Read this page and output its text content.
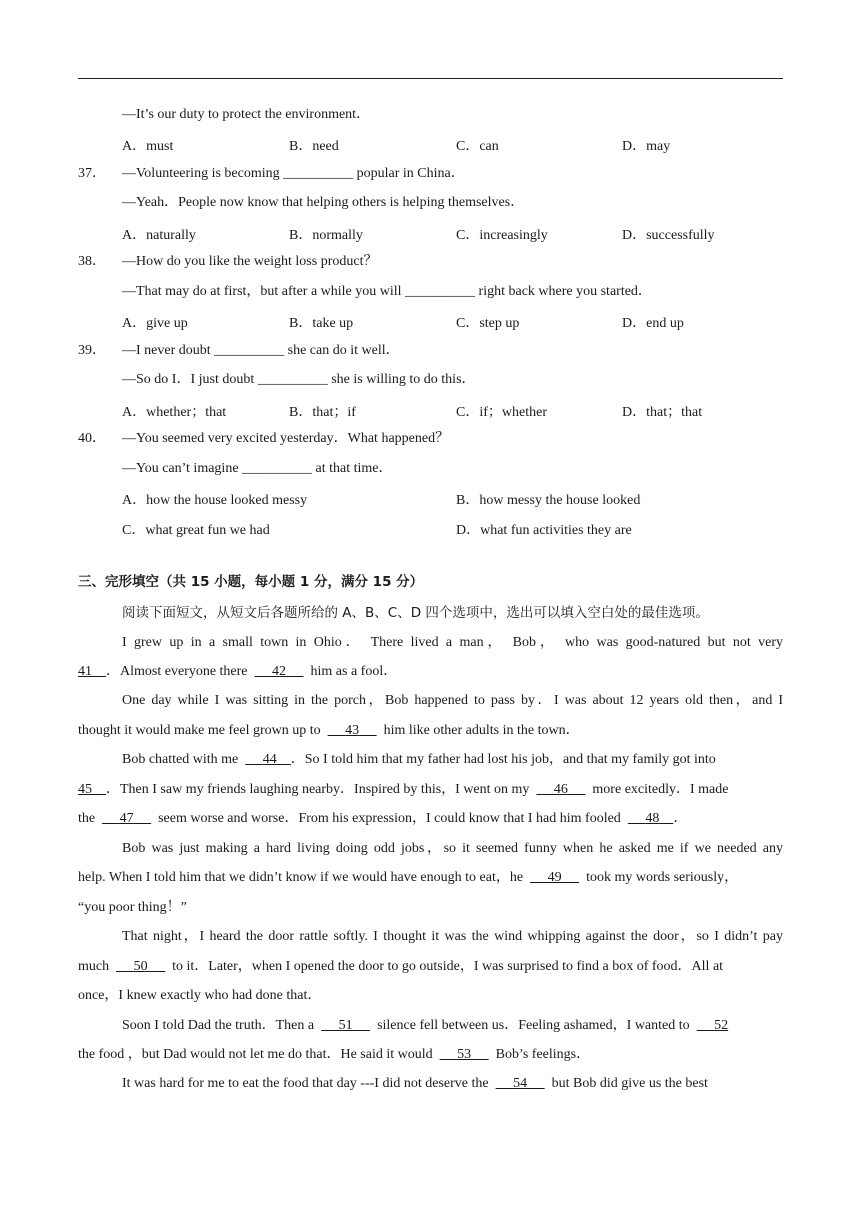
—It’s our duty to protect the environment．
A．must	B．need	C．can	D．may
37． —Volunteering is becoming __________ popular in China．
—Yeah．People now know that helping others is helping themselves．
A．naturally	B．normally	C．increasingly	D．successfully
38． —How do you like the weight loss product？
—That may do at first，but after a while you will __________ right back where you started．
A．give up	B．take up	C．step up	D．end up
39． —I never doubt __________ she can do it well．
—So do I．I just doubt __________ she is willing to do this．
A．whether；that	B．that；if	C．if；whether	D．that；that
40． —You seemed very excited yesterday．What happened？
—You can’t imagine __________ at that time．
A．how the house looked messy	B．how messy the house looked
C．what great fun we had	D．what fun activities they are
三、完形填空（共 15 小题，每小题 1 分，满分 15 分）
阅读下面短文，从短文后各题所给的 A、B、C、D 四个选项中，选出可以填入空白处的最佳选项。
I grew up in a small town in Ohio． There lived a man， Bob， who was good-natured but not very
41 ．Almost everyone there 42 him as a fool．
One day while I was sitting in the porch，Bob happened to pass by．I was about 12 years old then，and I
thought it would make me feel grown up to 43 him like other adults in the town．
Bob chatted with me 44 ．So I told him that my father had lost his job，and that my family got into
45 ．Then I saw my friends laughing nearby．Inspired by this，I went on my 46 more excitedly．I made
the 47 seem worse and worse．From his expression，I could know that I had him fooled 48 ．
Bob was just making a hard living doing odd jobs，so it seemed funny when he asked me if we needed any
help. When I told him that we didn’t know if we would have enough to eat，he 49 took my words seriously，
“you poor thing！”
That night，I heard the door rattle softly. I thought it was the wind whipping against the door，so I didn’t pay
much 50 to it．Later，when I opened the door to go outside，I was surprised to find a box of food．All at
once，I knew exactly who had done that．
Soon I told Dad the truth．Then a 51 silence fell between us．Feeling ashamed，I wanted to 52
the food ，but Dad would not let me do that．He said it would 53 Bob’s feelings．
It was hard for me to eat the food that day ---I did not deserve the 54 but Bob did give us the best
